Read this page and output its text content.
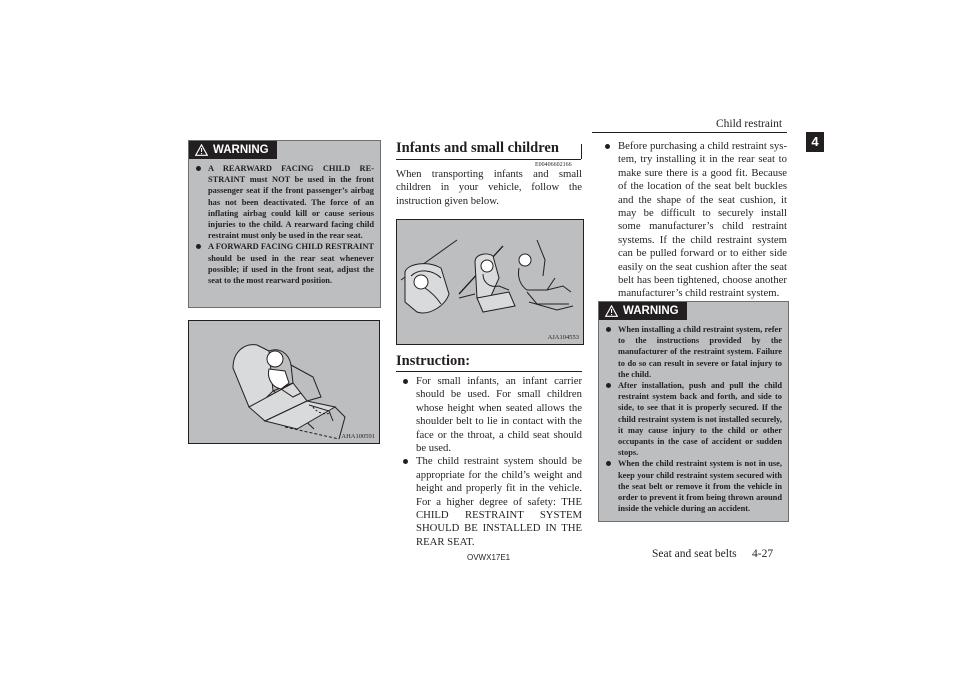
Child restraint
4
WARNING
A REARWARD FACING CHILD RESTRAINT must NOT be used in the front passenger seat if the front passenger’s airbag has not been deactivated. The force of an inflating airbag could kill or cause serious injuries to the child. A rearward facing child restraint must only be used in the rear seat.
A FORWARD FACING CHILD RESTRAINT should be used in the rear seat whenever possible; if used in the front seat, adjust the seat to the most rearward position.
AHA100591
Infants and small children
E00406602166
When transporting infants and small children in your vehicle, follow the instruction given below.
AJA104553
Instruction:
For small infants, an infant carrier should be used. For small children whose height when seated allows the shoulder belt to lie in contact with the face or the throat, a child seat should be used.
The child restraint system should be appropriate for the child’s weight and height and properly fit in the vehicle. For a higher degree of safety: THE CHILD RESTRAINT SYSTEM SHOULD BE INSTALLED IN THE REAR SEAT.
Before purchasing a child restraint system, try installing it in the rear seat to make sure there is a good fit. Because of the location of the seat belt buckles and the shape of the seat cushion, it may be difficult to securely install some manufacturer’s child restraint systems. If the child restraint system can be pulled forward or to either side easily on the seat cushion after the seat belt has been tightened, choose another manufacturer’s child restraint system.
WARNING
When installing a child restraint system, refer to the instructions provided by the manufacturer of the restraint system. Failure to do so can result in severe or fatal injury to the child.
After installation, push and pull the child restraint system back and forth, and side to side, to see that it is properly secured. If the child restraint system is not installed securely, it may cause injury to the child or other occupants in the case of accident or sudden stops.
When the child restraint system is not in use, keep your child restraint system secured with the seat belt or remove it from the vehicle in order to prevent it from being thrown around inside the vehicle during an accident.
OVWX17E1	Seat and seat belts 4-27
